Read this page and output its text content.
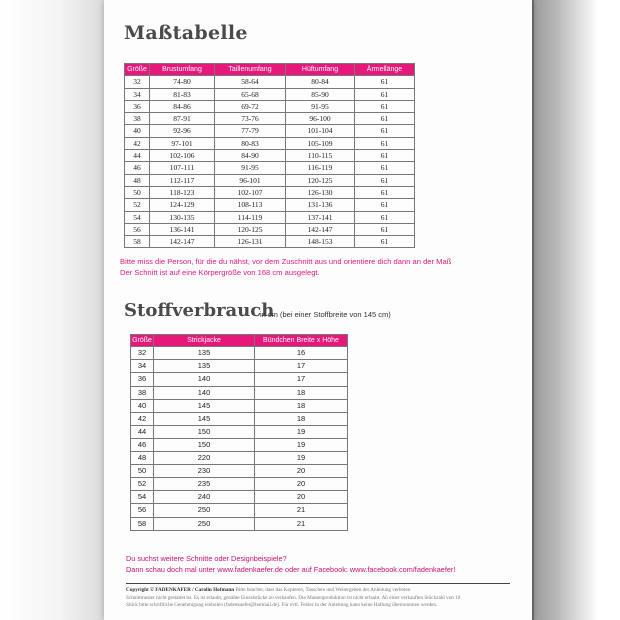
Maßtabelle
Größe	Brustumfang	Taillenumfang	Hüftumfang	Ärmellänge
32	74-80	58-64	80-84	61
34	81-83	65-68	85-90	61
36	84-86	69-72	91-95	61
38	87-91	73-76	96-100	61
40	92-96	77-79	101-104	61
42	97-101	80-83	105-109	61
44	102-106	84-90	110-115	61
46	107-111	91-95	116-119	61
48	112-117	96-101	120-125	61
50	118-123	102-107	126-130	61
52	124-129	108-113	131-136	61
54	130-135	114-119	137-141	61
56	136-141	120-125	142-147	61
58	142-147	126-131	148-153	61
Bitte miss die Person, für die du nähst, vor dem Zuschnitt aus und orientiere dich dann an der Maß
Der Schnitt ist auf eine Körpergröße von 168 cm ausgelegt.
Stoffverbrauch
in cm (bei einer Stoffbreite von 145 cm)
Größe	Strickjacke	Bündchen Breite x Höhe
32	135	16
34	135	17
36	140	17
38	140	18
40	145	18
42	145	18
44	150	19
46	150	19
48	220	19
50	230	20
52	235	20
54	240	20
56	250	21
58	250	21
Du suchst weitere Schnitte oder Designbeispiele?
Dann schau doch mal unter www.fadenkaefer.de oder auf Facebook: www.facebook.com/fadenkaefer!
Copyright © FADENKÄFER / Carolin Hofmann Bitte beachte, dass das Kopieren, Tauschen und Weitergeben der Anleitung verboten
Schnittmuster nicht gestattet ist. Es ist erlaubt, genähte Einzelstücke zu verkaufen. Die Massenproduktion ist nicht erlaubt. Ab einer verkauften Stückzahl von 10
Stück bitte schriftliche Genehmigung einholen (fadenkaefer@hotmail.de). Für evtl. Fehler in der Anleitung kann keine Haftung übernommen werden.
